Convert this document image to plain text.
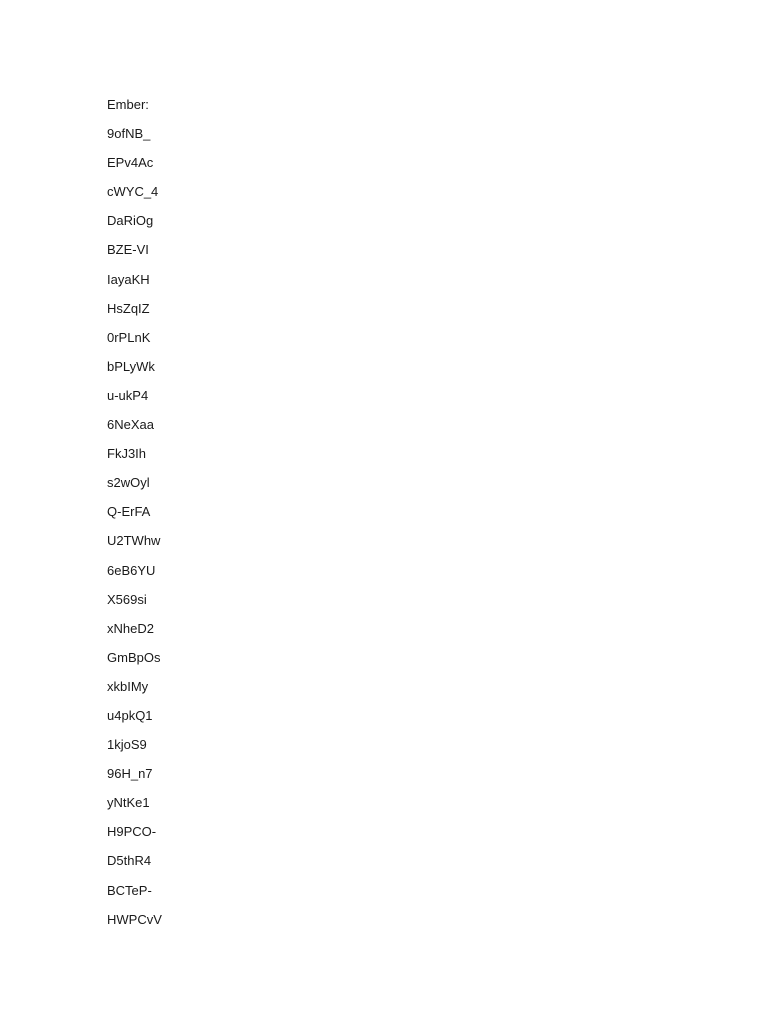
Ember:
9ofNB_
EPv4Ac
cWYC_4
DaRiOg
BZE-VI
IayaKH
HsZqIZ
0rPLnK
bPLyWk
u-ukP4
6NeXaa
FkJ3Ih
s2wOyl
Q-ErFA
U2TWhw
6eB6YU
X569si
xNheD2
GmBpOs
xkbIMy
u4pkQ1
1kjoS9
96H_n7
yNtKe1
H9PCO-
D5thR4
BCTeP-
HWPCvV
